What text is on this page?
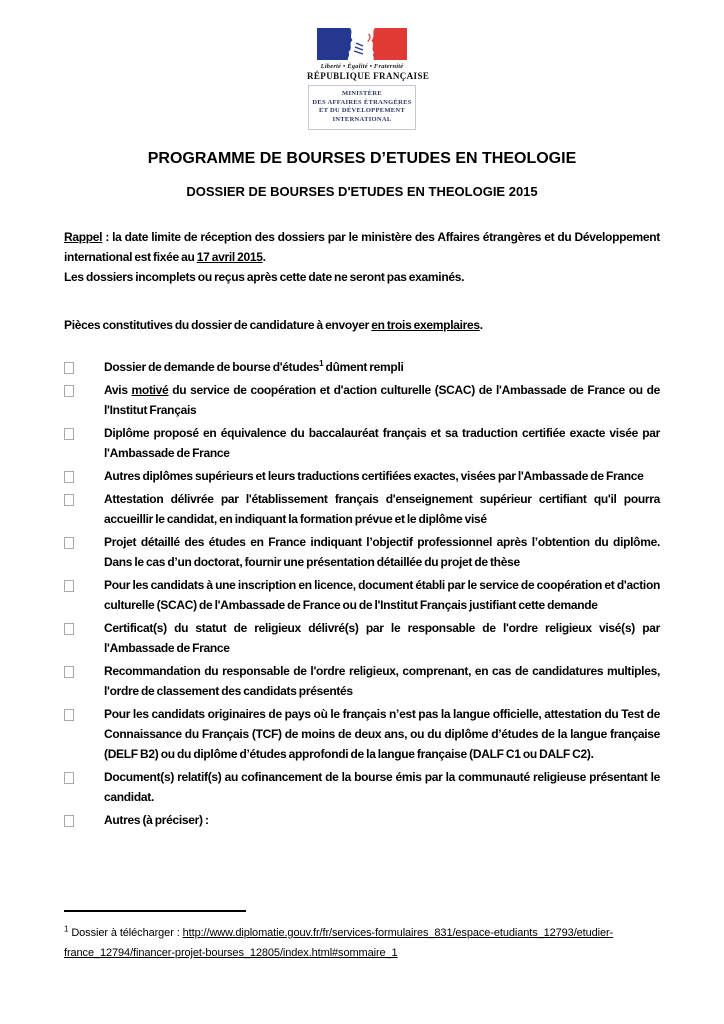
Liberté • Égalité • Fraternité
RÉPUBLIQUE FRANÇAISE
MINISTÈRE
DES AFFAIRES ÉTRANGÈRES
ET DU DÉVELOPPEMENT
INTERNATIONAL
PROGRAMME DE BOURSES D’ETUDES EN THEOLOGIE
DOSSIER DE BOURSES D'ETUDES EN THEOLOGIE 2015

Rappel : la date limite de réception des dossiers par le ministère des Affaires étrangères et du Développement international est fixée au 17 avril 2015.
Les dossiers incomplets ou reçus après cette date ne seront pas examinés.

Pièces constitutives du dossier de candidature à envoyer en trois exemplaires.

Dossier de demande de bourse d'études$^1$ dûment rempli

Avis motivé du service de coopération et d'action culturelle (SCAC) de l'Ambassade de France ou de l'Institut Français

Diplôme proposé en équivalence du baccalauréat français et sa traduction certifiée exacte visée par l'Ambassade de France

Autres diplômes supérieurs et leurs traductions certifiées exactes, visées par l'Ambassade de France

Attestation délivrée par l'établissement français d'enseignement supérieur certifiant qu'il pourra accueillir le candidat, en indiquant la formation prévue et le diplôme visé

Projet détaillé des études en France indiquant l’objectif professionnel après l’obtention du diplôme. Dans le cas d’un doctorat, fournir une présentation détaillée du projet de thèse

Pour les candidats à une inscription en licence, document établi par le service de coopération et d'action culturelle (SCAC) de l'Ambassade de France ou de l'Institut Français justifiant cette demande

Certificat(s) du statut de religieux délivré(s) par le responsable de l'ordre religieux visé(s) par l'Ambassade de France

Recommandation du responsable de l'ordre religieux, comprenant, en cas de candidatures multiples, l'ordre de classement des candidats présentés

Pour les candidats originaires de pays où le français n’est pas la langue officielle, attestation du Test de Connaissance du Français (TCF) de moins de deux ans, ou du diplôme d’études de la langue française (DELF B2) ou du diplôme d’études approfondi de la langue française (DALF C1 ou DALF C2).

Document(s) relatif(s) au cofinancement de la bourse émis par la communauté religieuse présentant le candidat.

Autres (à préciser) :

$^1$ Dossier à télécharger : http://www.diplomatie.gouv.fr/fr/services-formulaires_831/espace-etudiants_12793/etudier-france_12794/financer-projet-bourses_12805/index.html#sommaire_1
